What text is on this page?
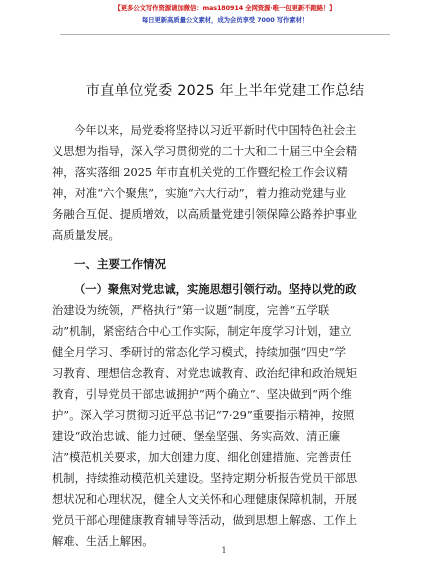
【更多公文写作资源请加微信：mas180914 全网资源·唯一包更新不跑路！】
每日更新高质量公文素材，成为会员享受 7000 写作素材！
市直单位党委 2025 年上半年党建工作总结
今年以来，局党委将坚持以习近平新时代中国特色社会主
义思想为指导，深入学习贯彻党的二十大和二十届三中全会精
神，落实落细 2025 年市直机关党的工作暨纪检工作会议精
神，对准“六个聚焦”，实施“六大行动”，着力推动党建与业
务融合互促、提质增效，以高质量党建引领保障公路养护事业
高质量发展。
一、主要工作情况
（一）聚焦对党忠诚，实施思想引领行动。坚持以党的政
治建设为统领，严格执行“第一议题”制度，完善“五学联
动”机制，紧密结合中心工作实际，制定年度学习计划，建立
健全月学习、季研讨的常态化学习模式，持续加强“四史”学
习教育、理想信念教育、对党忠诚教育、政治纪律和政治规矩
教育，引导党员干部忠诚拥护“两个确立”、坚决做到“两个维
护”。深入学习贯彻习近平总书记“7·29”重要指示精神，按照
建设“政治忠诚、能力过硬、堡垒坚强、务实高效、清正廉
洁”模范机关要求，加大创建力度、细化创建措施、完善责任
机制，持续推动模范机关建设。坚持定期分析报告党员干部思
想状况和心理状况，健全人文关怀和心理健康保障机制，开展
党员干部心理健康教育辅导等活动，做到思想上解惑、工作上
解难、生活上解困。
1
